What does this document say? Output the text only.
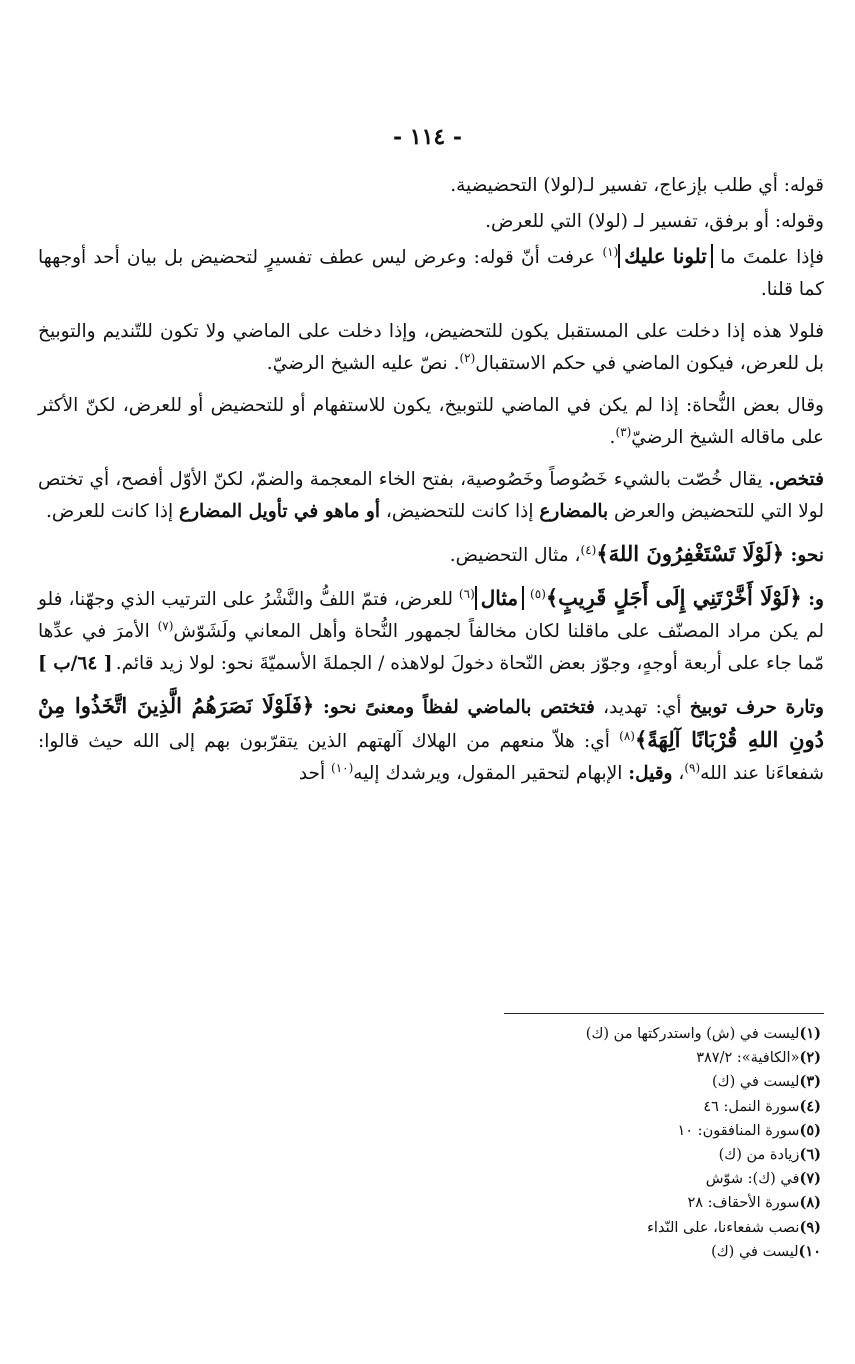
- ١١٤ -

قوله: أي طلب بإزعاج، تفسير لـ(لولا) التحضيضية.

وقوله: أو برفق، تفسير لـ (لولا) التي للعرض.

فإذا علمتَ ما تلونا عليك$^{(١)}$ عرفت أنّ قوله: وعرض ليس عطف تفسيرٍ لتحضيض بل بيان أحد أوجهها كما قلنا.

فلولا هذه إذا دخلت على المستقبل يكون للتحضيض، وإذا دخلت على الماضي ولا تكون للتّنديم والتوبيخ بل للعرض، فيكون الماضي في حكم الاستقبال$^{(٢)}$. نصّ عليه الشيخ الرضيّ.

وقال بعض النُّحاة: إذا لم يكن في الماضي للتوبيخ، يكون للاستفهام أو للتحضيض أو للعرض، لكنّ الأكثر على ماقاله الشيخ الرضيّ$^{(٣)}$.

فتخص. يقال خُصّت بالشيء خَصُوصاً وخَصُوصية، بفتح الخاء المعجمة والضمّ، لكنّ الأوّل أفصح، أي تختص لولا التي للتحضيض والعرض بالمضارع إذا كانت للتحضيض، أو ماهو في تأويل المضارع إذا كانت للعرض.

نحو: ﴿لَوْلَا تَسْتَغْفِرُونَ اللهَ﴾$^{(٤)}$، مثال التحضيض.

و: ﴿لَوْلَا أَخَّرْتَنِي إِلَى أَجَلٍ قَرِيبٍ﴾$^{(٥)}$ مثال$^{(٦)}$ للعرض، فتمّ اللفُّ والنَّشْرُ على الترتيب الذي وجهّنا، فلو لم يكن مراد المصنّف على ماقلنا لكان مخالفاً لجمهور النُّحاة وأهل المعاني ولَشَوّش$^{(٧)}$ الأمرَ في عدِّها مّما جاء على أربعة أوجهٍ، وجوّز بعض النّحاة دخولَ لولاهذه / الجملةَ الأسميّةَ نحو: لولا زيد قائم.
[ ٦٤/ب ]

وتارة حرف توبيخ أي: تهديد، فتختص بالماضي لفظاً ومعنىً نحو: ﴿فَلَوْلَا نَصَرَهُمُ الَّذِينَ اتَّخَذُوا مِنْ دُونِ اللهِ قُرْبَانًا آلِهَةً﴾$^{(٨)}$ أي: هلاّ منعهم من الهلاك آلهتهم الذين يتقرّبون بهم إلى الله حيث قالوا: شفعاءَنا عند الله$^{(٩)}$، وقيل: الإبهام لتحقير المقول، ويرشدك إليه$^{(١٠)}$ أحد

(١)ليست في (ش) واستدركتها من (ك)
(٢)«الكافية»: ٣٨٧/٢
(٣)ليست في (ك)
(٤)سورة النمل: ٤٦
(٥)سورة المنافقون: ١٠
(٦)زيادة من (ك)
(٧)في (ك): شوّش
(٨)سورة الأحقاف: ٢٨
(٩)نصب شفعاءنا، على النّداء
١٠)ليست في (ك)
